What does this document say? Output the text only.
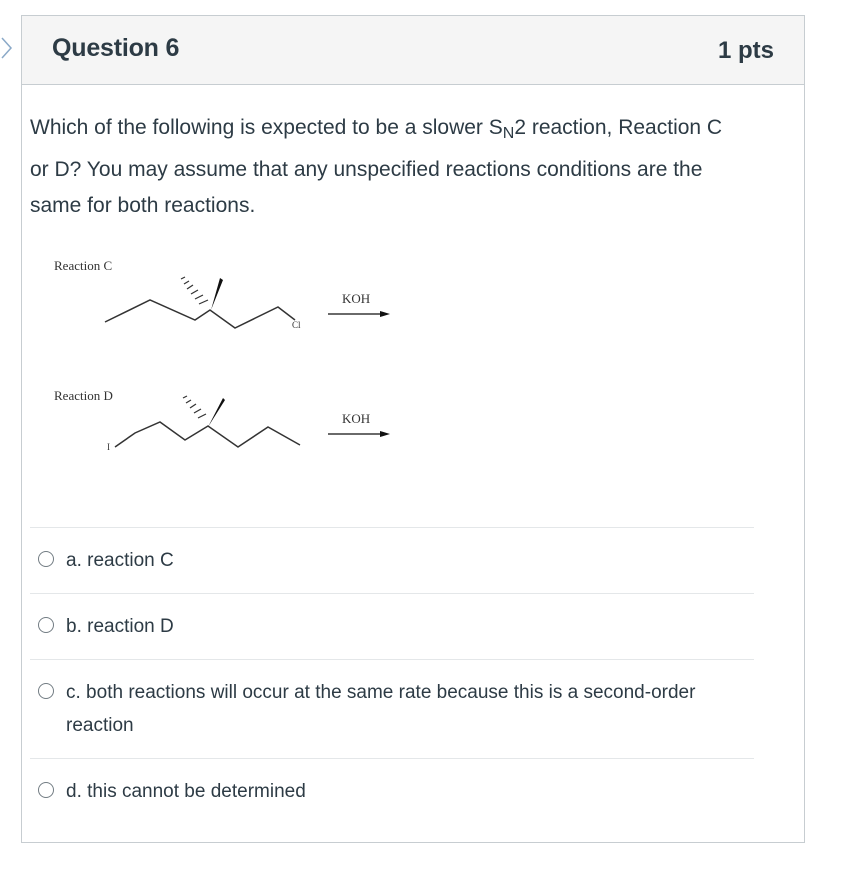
Question 6	1 pts
Which of the following is expected to be a slower $S_N2$ reaction, Reaction C or D? You may assume that any unspecified reactions conditions are the same for both reactions.
Reaction C
Cl
KOH
Reaction D
I
KOH
a. reaction C
b. reaction D
c. both reactions will occur at the same rate because this is a second-order reaction
d. this cannot be determined
